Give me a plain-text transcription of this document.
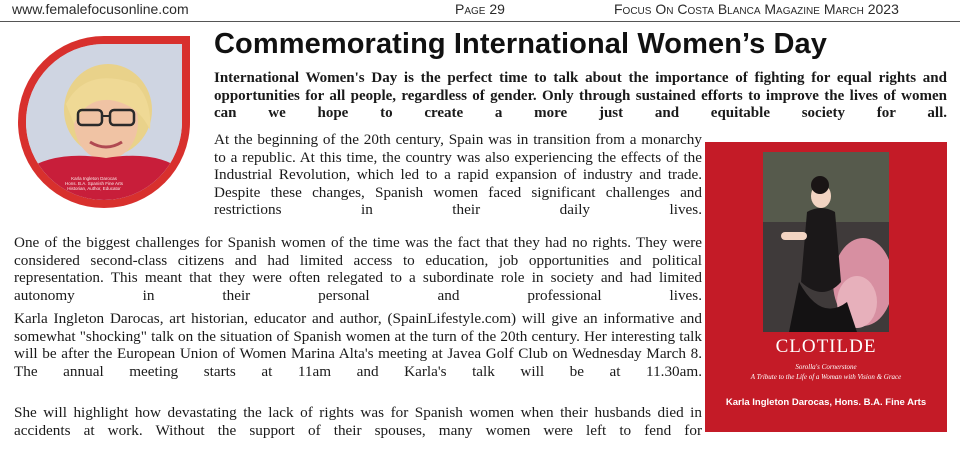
www.femalefocusonline.com	Page 29	Focus On Costa Blanca Magazine March 2023
Karla Ingleton Darocas
Hons. B.A. Spanish Fine Arts
Historian, Author, Educator
Commemorating International Women’s Day

International Women's Day is the perfect time to talk about the importance of fighting for equal rights and opportunities for all people, regardless of gender. Only through sustained efforts to improve the lives of women can we hope to create a more just and equitable society for all.

At the beginning of the 20th century, Spain was in transition from a monarchy to a republic. At this time, the country was also experiencing the effects of the Industrial Revolution, which led to a rapid expansion of industry and trade. Despite these changes, Spanish women faced significant challenges and restrictions in their daily lives.

One of the biggest challenges for Spanish women of the time was the fact that they had no rights. They were considered second-class citizens and had limited access to education, job opportunities and political representation. This meant that they were often relegated to a subordinate role in society and had limited autonomy in their personal and professional lives.

Karla Ingleton Darocas, art historian, educator and author, (SpainLifestyle.com) will give an informative and somewhat "shocking" talk on the situation of Spanish women at the turn of the 20th century. Her interesting talk will be after the European Union of Women Marina Alta's meeting at Javea Golf Club on Wednesday March 8. The annual meeting starts at 11am and Karla's talk will be at 11.30am.

She will highlight how devastating the lack of rights was for Spanish women when their husbands died in accidents at work. Without the support of their spouses, many women were left to fend for

CLOTILDE
Sorolla's Cornerstone
A Tribute to the Life of a Woman with Vision & Grace
Karla Ingleton Darocas, Hons. B.A. Fine Arts
